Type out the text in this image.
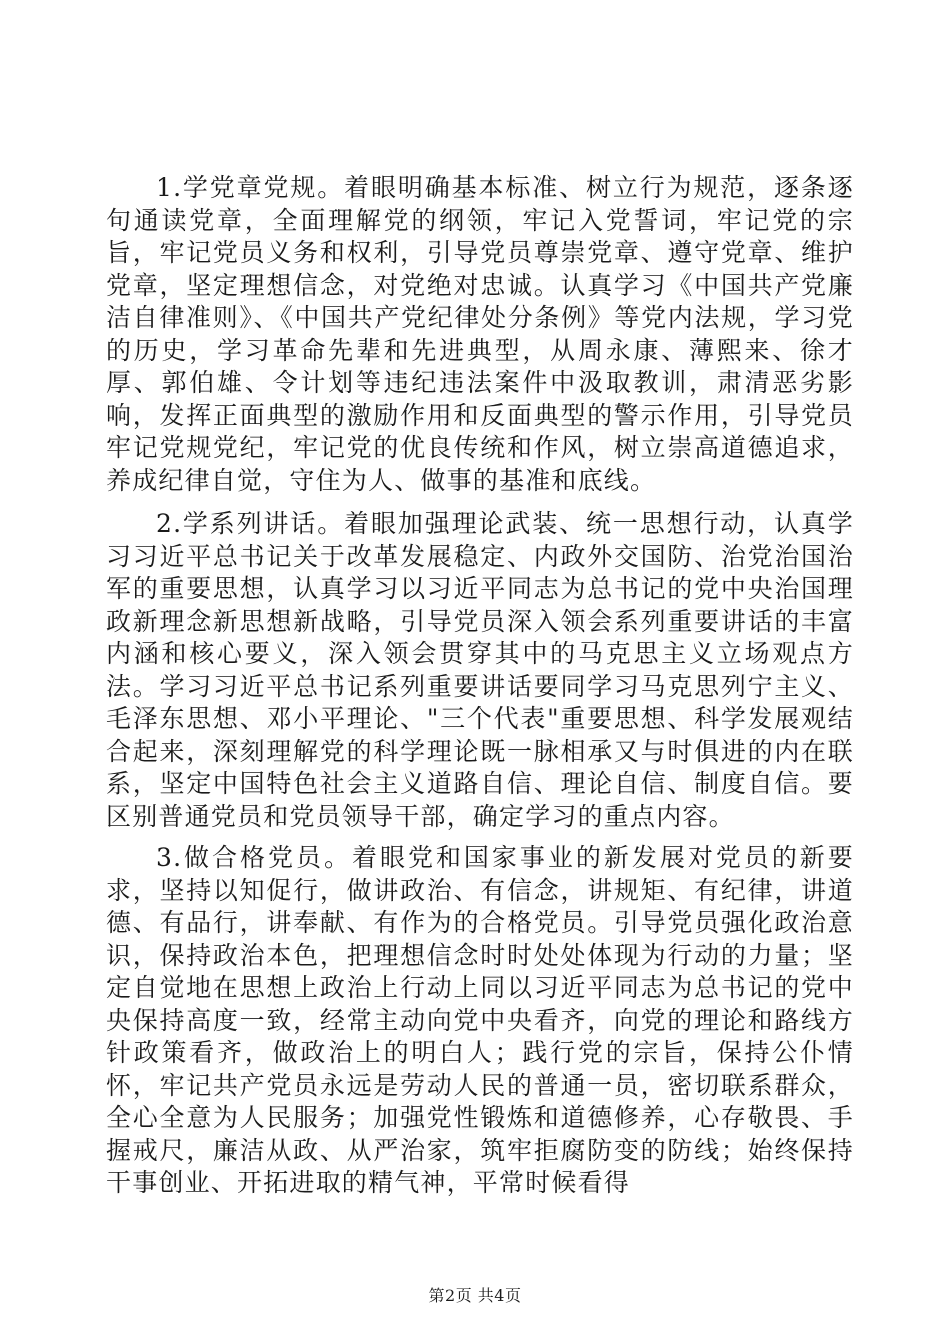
1.学党章党规。着眼明确基本标准、树立行为规范，逐条逐句通读党章，全面理解党的纲领，牢记入党誓词，牢记党的宗旨，牢记党员义务和权利，引导党员尊崇党章、遵守党章、维护党章，坚定理想信念，对党绝对忠诚。认真学习《中国共产党廉洁自律准则》、《中国共产党纪律处分条例》等党内法规，学习党的历史，学习革命先辈和先进典型，从周永康、薄熙来、徐才厚、郭伯雄、令计划等违纪违法案件中汲取教训，肃清恶劣影响，发挥正面典型的激励作用和反面典型的警示作用，引导党员牢记党规党纪，牢记党的优良传统和作风，树立崇高道德追求，养成纪律自觉，守住为人、做事的基准和底线。

2.学系列讲话。着眼加强理论武装、统一思想行动，认真学习习近平总书记关于改革发展稳定、内政外交国防、治党治国治军的重要思想，认真学习以习近平同志为总书记的党中央治国理政新理念新思想新战略，引导党员深入领会系列重要讲话的丰富内涵和核心要义，深入领会贯穿其中的马克思主义立场观点方法。学习习近平总书记系列重要讲话要同学习马克思列宁主义、毛泽东思想、邓小平理论、"三个代表"重要思想、科学发展观结合起来，深刻理解党的科学理论既一脉相承又与时俱进的内在联系，坚定中国特色社会主义道路自信、理论自信、制度自信。要区别普通党员和党员领导干部，确定学习的重点内容。

3.做合格党员。着眼党和国家事业的新发展对党员的新要求，坚持以知促行，做讲政治、有信念，讲规矩、有纪律，讲道德、有品行，讲奉献、有作为的合格党员。引导党员强化政治意识，保持政治本色，把理想信念时时处处体现为行动的力量；坚定自觉地在思想上政治上行动上同以习近平同志为总书记的党中央保持高度一致，经常主动向党中央看齐，向党的理论和路线方针政策看齐，做政治上的明白人；践行党的宗旨，保持公仆情怀，牢记共产党员永远是劳动人民的普通一员，密切联系群众，全心全意为人民服务；加强党性锻炼和道德修养，心存敬畏、手握戒尺，廉洁从政、从严治家，筑牢拒腐防变的防线；始终保持干事创业、开拓进取的精气神，平常时候看得

第2页 共4页
